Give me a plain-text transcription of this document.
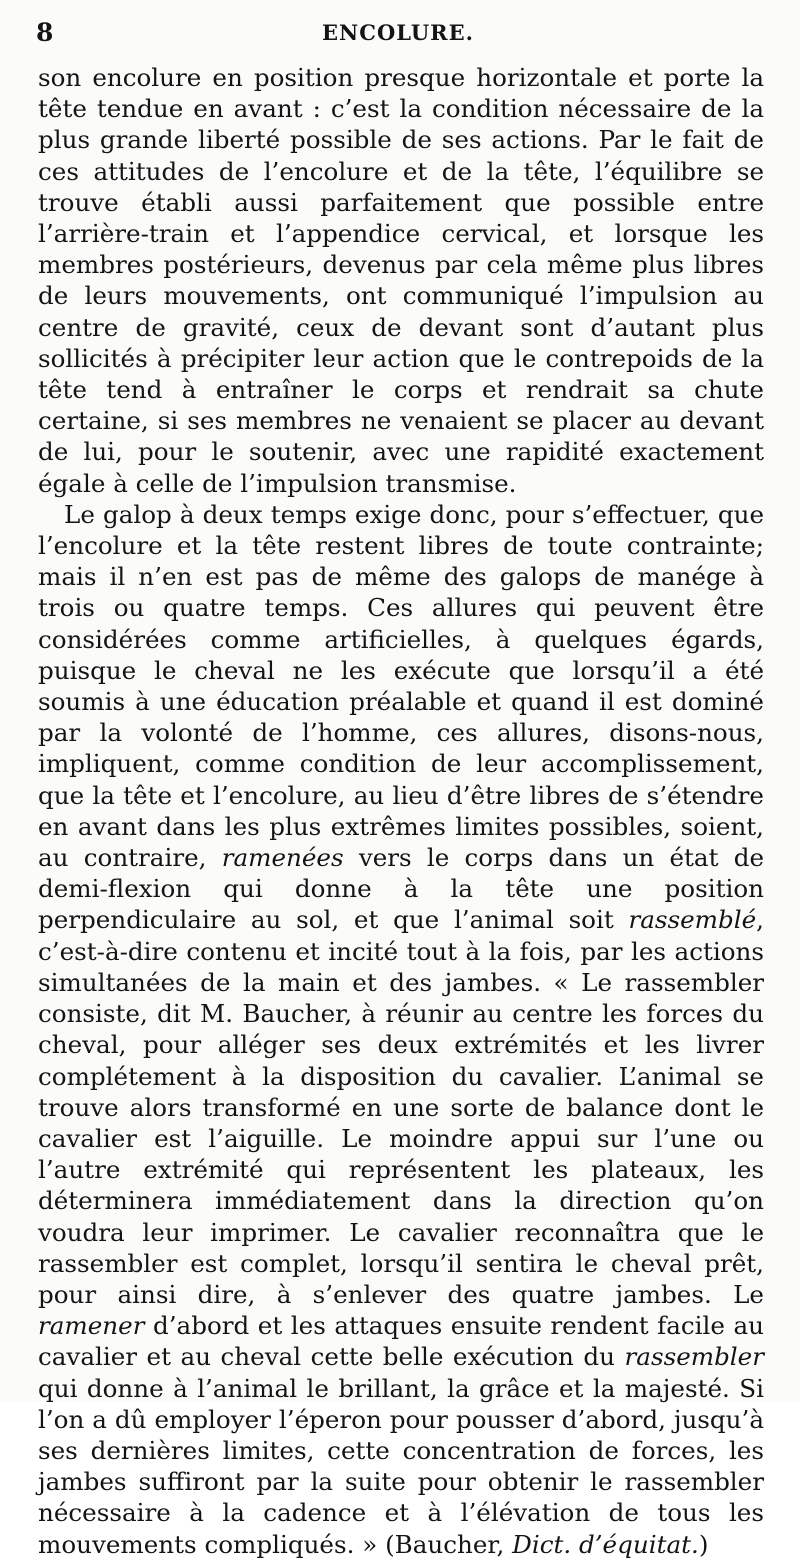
8	ENCOLURE.

son encolure en position presque horizontale et porte la tête tendue en avant : c’est la condition nécessaire de la plus grande liberté possible de ses actions. Par le fait de ces attitudes de l’encolure et de la tête, l’équilibre se trouve établi aussi parfaitement que possible entre l’arrière-train et l’appendice cervical, et lorsque les membres postérieurs, devenus par cela même plus libres de leurs mouvements, ont communiqué l’impulsion au centre de gravité, ceux de devant sont d’autant plus sollicités à précipiter leur action que le contrepoids de la tête tend à entraîner le corps et rendrait sa chute certaine, si ses membres ne venaient se placer au devant de lui, pour le soutenir, avec une rapidité exactement égale à celle de l’impulsion transmise.

Le galop à deux temps exige donc, pour s’effectuer, que l’encolure et la tête restent libres de toute contrainte; mais il n’en est pas de même des galops de manége à trois ou quatre temps. Ces allures qui peuvent être considérées comme artificielles, à quelques égards, puisque le cheval ne les exécute que lorsqu’il a été soumis à une éducation préalable et quand il est dominé par la volonté de l’homme, ces allures, disons-nous, impliquent, comme condition de leur accomplissement, que la tête et l’encolure, au lieu d’être libres de s’étendre en avant dans les plus extrêmes limites possibles, soient, au contraire, ramenées vers le corps dans un état de demi-flexion qui donne à la tête une position perpendiculaire au sol, et que l’animal soit rassemblé, c’est-à-dire contenu et incité tout à la fois, par les actions simultanées de la main et des jambes. « Le rassembler consiste, dit M. Baucher, à réunir au centre les forces du cheval, pour alléger ses deux extrémités et les livrer complétement à la disposition du cavalier. L’animal se trouve alors transformé en une sorte de balance dont le cavalier est l’aiguille. Le moindre appui sur l’une ou l’autre extrémité qui représentent les plateaux, les déterminera immédiatement dans la direction qu’on voudra leur imprimer. Le cavalier reconnaîtra que le rassembler est complet, lorsqu’il sentira le cheval prêt, pour ainsi dire, à s’enlever des quatre jambes. Le ramener d’abord et les attaques ensuite rendent facile au cavalier et au cheval cette belle exécution du rassembler qui donne à l’animal le brillant, la grâce et la majesté. Si l’on a dû employer l’éperon pour pousser d’abord, jusqu’à ses dernières limites, cette concentration de forces, les jambes suffiront par la suite pour obtenir le rassembler nécessaire à la cadence et à l’élévation de tous les mouvements compliqués. » (Baucher, Dict. d’équitat.)
